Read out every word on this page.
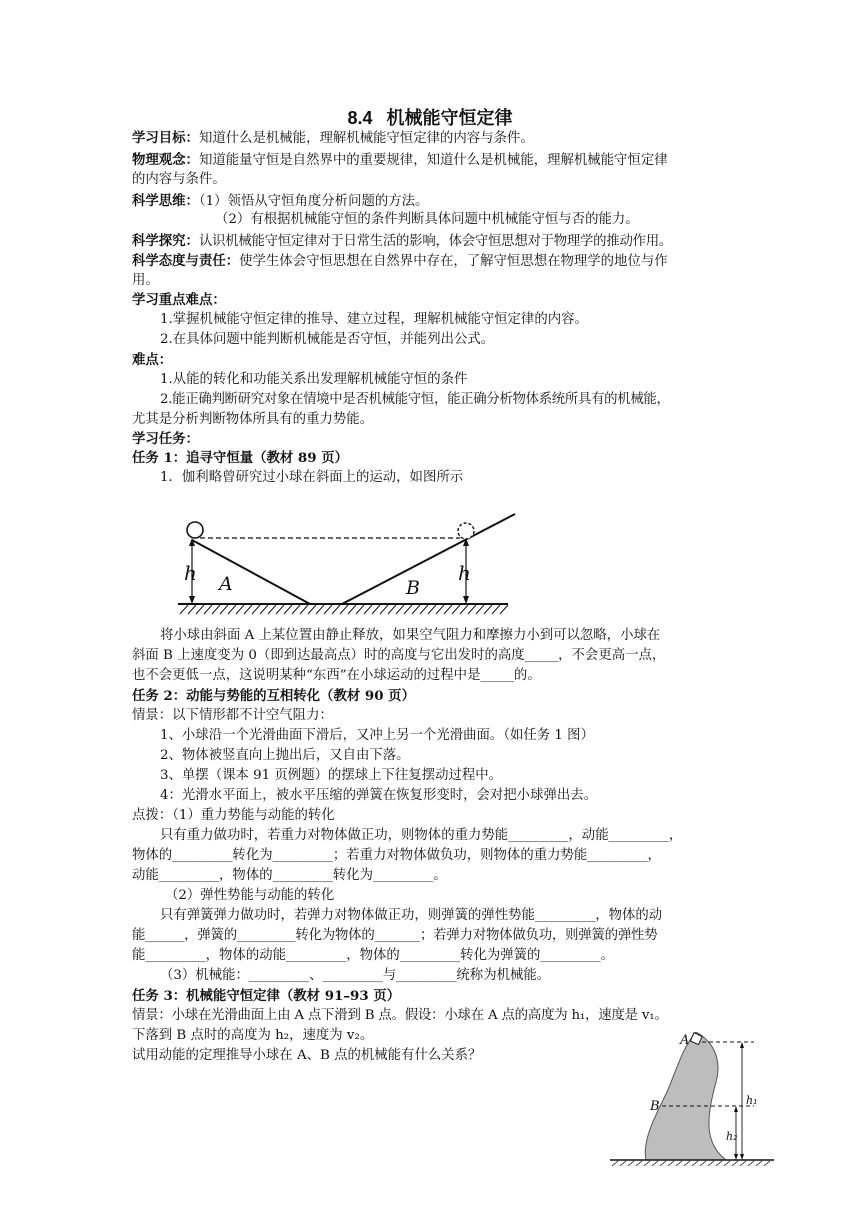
8.4 机械能守恒定律
学习目标：知道什么是机械能，理解机械能守恒定律的内容与条件。
物理观念：知道能量守恒是自然界中的重要规律，知道什么是机械能，理解机械能守恒定律
的内容与条件。
科学思维：（1）领悟从守恒角度分析问题的方法。
（2）有根据机械能守恒的条件判断具体问题中机械能守恒与否的能力。
科学探究：认识机械能守恒定律对于日常生活的影响，体会守恒思想对于物理学的推动作用。
科学态度与责任：使学生体会守恒思想在自然界中存在，了解守恒思想在物理学的地位与作
用。
学习重点难点：
1.掌握机械能守恒定律的推导、建立过程，理解机械能守恒定律的内容。
2.在具体问题中能判断机械能是否守恒，并能列出公式。
难点：
1.从能的转化和功能关系出发理解机械能守恒的条件
2.能正确判断研究对象在情境中是否机械能守恒，能正确分析物体系统所具有的机械能，
尤其是分析判断物体所具有的重力势能。
学习任务：
任务 1：追寻守恒量（教材 89 页）
1．伽利略曾研究过小球在斜面上的运动，如图所示
h	h
A	B
将小球由斜面 A 上某位置由静止释放，如果空气阻力和摩擦力小到可以忽略，小球在
斜面 B 上速度变为 0（即到达最高点）时的高度与它出发时的高度_____，不会更高一点，
也不会更低一点，这说明某种“东西”在小球运动的过程中是_____的。
任务 2：动能与势能的互相转化（教材 90 页）
情景：以下情形都不计空气阻力：
1、小球沿一个光滑曲面下滑后，又冲上另一个光滑曲面。（如任务 1 图）
2、物体被竖直向上抛出后，又自由下落。
3、单摆（课本 91 页例题）的摆球上下往复摆动过程中。
4：光滑水平面上，被水平压缩的弹簧在恢复形变时，会对把小球弹出去。
点拨：（1）重力势能与动能的转化
只有重力做功时，若重力对物体做正功，则物体的重力势能_________，动能_________，
物体的_________转化为_________；若重力对物体做负功，则物体的重力势能_________，
动能_________，物体的_________转化为_________。
（2）弹性势能与动能的转化
只有弹簧弹力做功时，若弹力对物体做正功，则弹簧的弹性势能_________，物体的动
能______，弹簧的_________转化为物体的_______；若弹力对物体做负功，则弹簧的弹性势
能_________，物体的动能_________，物体的_________转化为弹簧的_________。
（3）机械能：_________、_________与_________统称为机械能。
任务 3：机械能守恒定律（教材 91–93 页）
情景：小球在光滑曲面上由 A 点下滑到 B 点。假设：小球在 A 点的高度为 h₁，速度是 v₁。
下落到 B 点时的高度为 h₂，速度为 v₂。
试用动能的定理推导小球在 A、B 点的机械能有什么关系？
A
B	h₁
h₂
